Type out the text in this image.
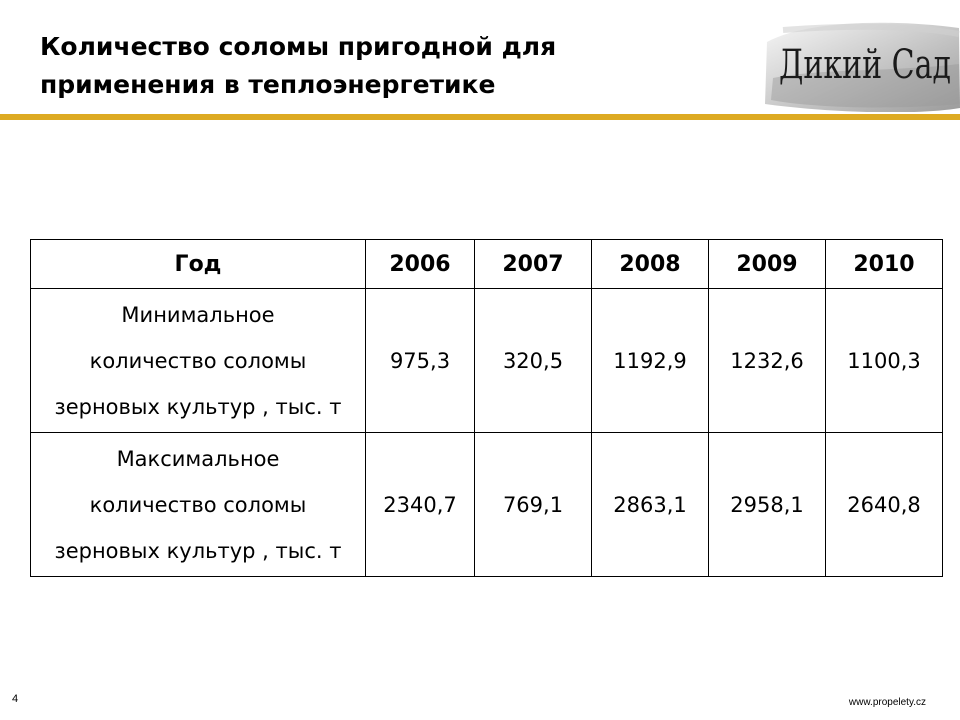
Количество соломы пригодной для
применения в теплоэнергетике	Дикий Сад
Год	2006	2007	2008	2009	2010

Минимальное
количество соломы
зерновых культур , тыс. т	975,3	320,5	1192,9	1232,6	1100,3

Максимальное
количество соломы
зерновых культур , тыс. т	2340,7	769,1	2863,1	2958,1	2640,8
4	www.propelety.cz
